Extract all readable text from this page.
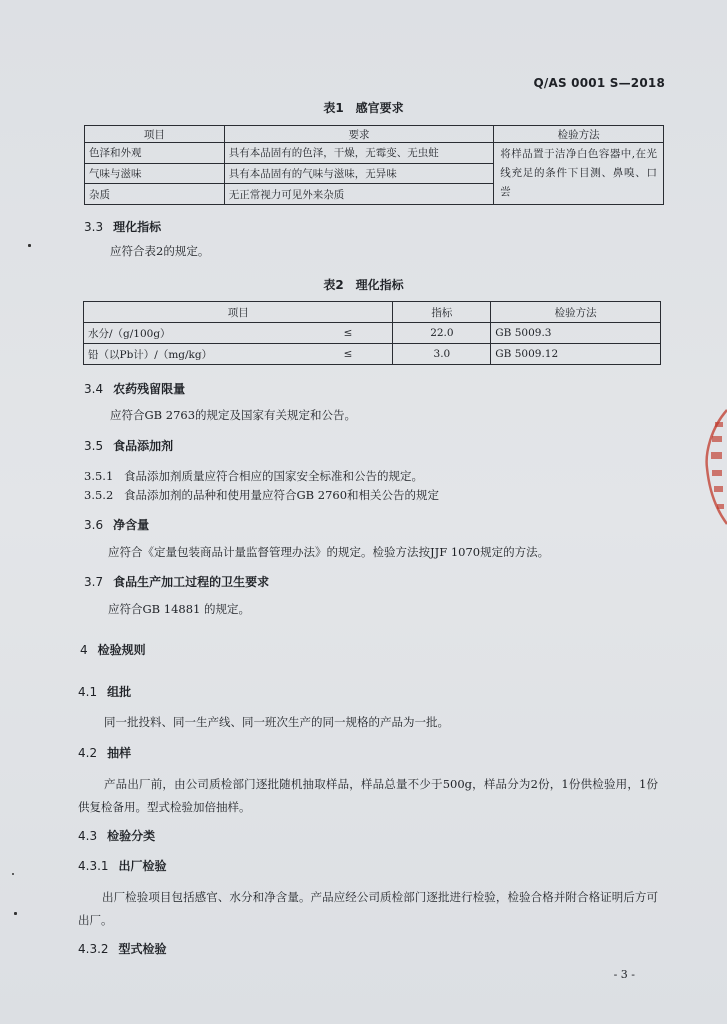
Q/AS 0001 S—2018
表1　感官要求
项目	要求	检验方法
色泽和外观	具有本品固有的色泽，干燥，无霉变、无虫蛀	将样品置于洁净白色容器中,在光线充足的条件下目测、鼻嗅、口尝
气味与滋味	具有本品固有的气味与滋味，无异味	
杂质	无正常视力可见外来杂质	
3.3 理化指标
应符合表2的规定。
表2　理化指标
项目		指标	检验方法
水分/（g/100g）	≤	22.0	GB 5009.3
铅（以Pb计）/（mg/kg）	≤	3.0	GB 5009.12
3.4 农药残留限量
应符合GB 2763的规定及国家有关规定和公告。
3.5 食品添加剂
3.5.1 食品添加剂质量应符合相应的国家安全标准和公告的规定。
3.5.2 食品添加剂的品种和使用量应符合GB 2760和相关公告的规定
3.6 净含量
应符合《定量包装商品计量监督管理办法》的规定。检验方法按JJF 1070规定的方法。
3.7 食品生产加工过程的卫生要求
应符合GB 14881 的规定。
4 检验规则
4.1 组批
同一批投料、同一生产线、同一班次生产的同一规格的产品为一批。
4.2 抽样
产品出厂前，由公司质检部门逐批随机抽取样品，样品总量不少于500g，样品分为2份，1份供检验用，1份供复检备用。型式检验加倍抽样。
4.3 检验分类
4.3.1 出厂检验
出厂检验项目包括感官、水分和净含量。产品应经公司质检部门逐批进行检验，检验合格并附合格证明后方可出厂。
4.3.2 型式检验
- 3 -
